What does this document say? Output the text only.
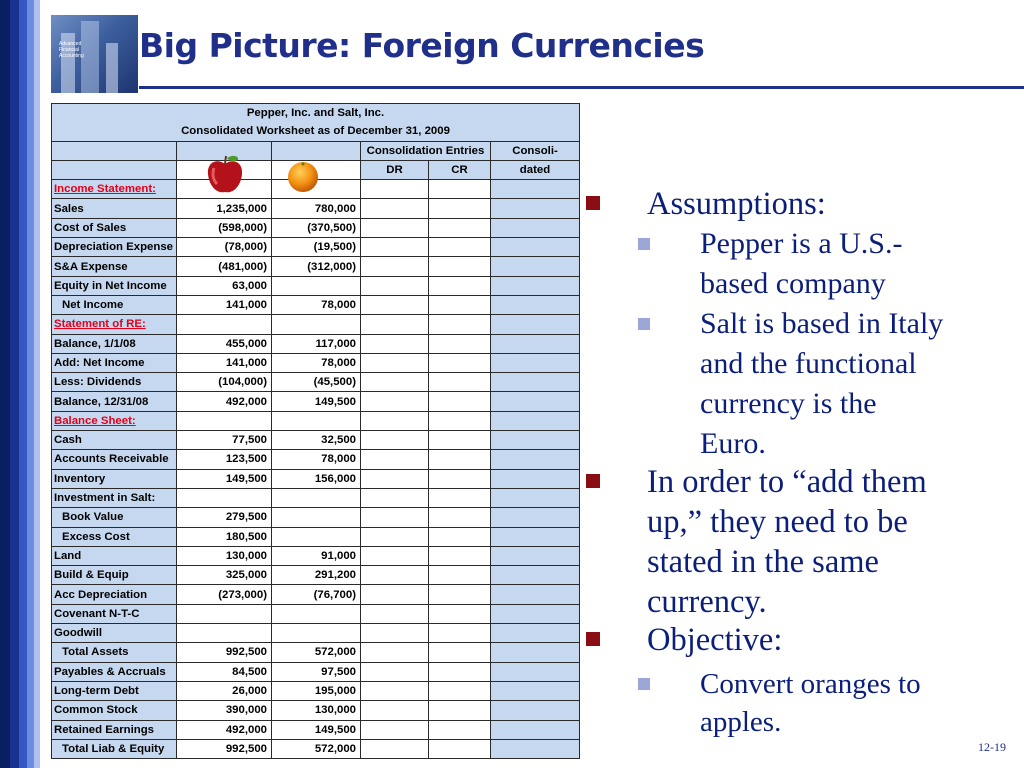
Advanced
Financial
Accounting Big Picture: Foreign Currencies
Pepper, Inc. and Salt, Inc.					
Consolidated Worksheet as of December 31, 2009					
			Consolidation Entries		Consoli-
			DR	CR	dated
Income Statement:					
Sales	1,235,000	780,000			
Cost of Sales	(598,000)	(370,500)			
Depreciation Expense	(78,000)	(19,500)			
S&A Expense	(481,000)	(312,000)			
Equity in Net Income	63,000				
Net Income	141,000	78,000			
Statement of RE:					
Balance, 1/1/08	455,000	117,000			
Add: Net Income	141,000	78,000			
Less: Dividends	(104,000)	(45,500)			
Balance, 12/31/08	492,000	149,500			
Balance Sheet:					
Cash	77,500	32,500			
Accounts Receivable	123,500	78,000			
Inventory	149,500	156,000			
Investment in Salt:					
Book Value	279,500				
Excess Cost	180,500				
Land	130,000	91,000			
Build & Equip	325,000	291,200			
Acc Depreciation	(273,000)	(76,700)			
Covenant N-T-C					
Goodwill					
Total Assets	992,500	572,000			
Payables & Accruals	84,500	97,500			
Long-term Debt	26,000	195,000			
Common Stock	390,000	130,000			
Retained Earnings	492,000	149,500			
Total Liab & Equity	992,500	572,000			
Assumptions:
Pepper is a U.S.-
based company
Salt is based in Italy
and the functional
currency is the
Euro.
In order to “add them
up,” they need to be
stated in the same
currency.
Objective:
Convert oranges to
apples.
12-19
